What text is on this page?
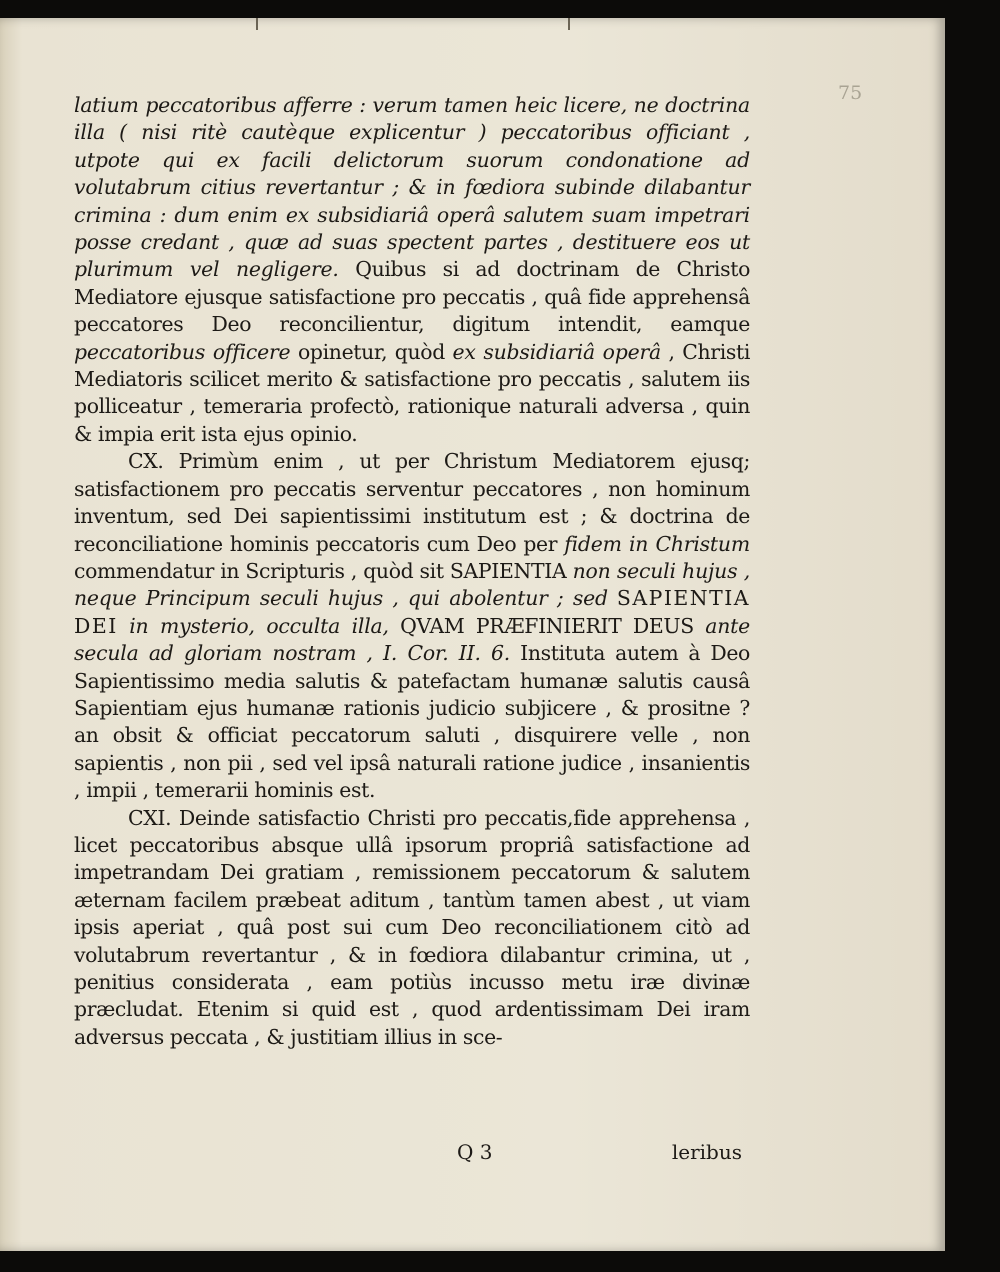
75

latium peccatoribus afferre : verum tamen heic licere, ne doctrina illa ( nisi ritè cautèque explicentur ) peccatoribus officiant , utpote qui ex facili delictorum suorum condonatione ad volutabrum citius revertantur ; & in fœdiora subinde dilabantur crimina : dum enim ex subsidiariâ operâ salutem suam impetrari posse credant , quæ ad suas spectent partes , destituere eos ut plurimum vel negligere. Quibus si ad doctrinam de Christo Mediatore ejusque satisfactione pro peccatis , quâ fide apprehensâ peccatores Deo reconcilientur, digitum intendit, eamque peccatoribus officere opinetur, quòd ex subsidiariâ operâ , Christi Mediatoris scilicet merito & satisfactione pro peccatis , salutem iis polliceatur , temeraria profectò, rationique naturali adversa , quin & impia erit ista ejus opinio.

CX. Primùm enim , ut per Christum Mediatorem ejusq; satisfactionem pro peccatis serventur peccatores , non hominum inventum, sed Dei sapientissimi institutum est ; & doctrina de reconciliatione hominis peccatoris cum Deo per fidem in Christum commendatur in Scripturis , quòd sit SAPIENTIA non seculi hujus , neque Principum seculi hujus , qui abolentur ; sed SAPIENTIA DEI in mysterio, occulta illa, QVAM PRÆFINIERIT DEUS ante secula ad gloriam nostram , I. Cor. II. 6. Instituta autem à Deo Sapientissimo media salutis & patefactam humanæ salutis causâ Sapientiam ejus humanæ rationis judicio subjicere , & prositne ? an obsit & officiat peccatorum saluti , disquirere velle , non sapientis , non pii , sed vel ipsâ naturali ratione judice , insanientis , impii , temerarii hominis est.

CXI. Deinde satisfactio Christi pro peccatis,fide apprehensa , licet peccatoribus absque ullâ ipsorum propriâ satisfactione ad impetrandam Dei gratiam , remissionem peccatorum & salutem æternam facilem præbeat aditum , tantùm tamen abest , ut viam ipsis aperiat , quâ post sui cum Deo reconciliationem citò ad volutabrum revertantur , & in fœdiora dilabantur crimina, ut , penitius considerata , eam potiùs incusso metu iræ divinæ præcludat. Etenim si quid est , quod ardentissimam Dei iram adversus peccata , & justitiam illius in sce-

Q 3	leribus
